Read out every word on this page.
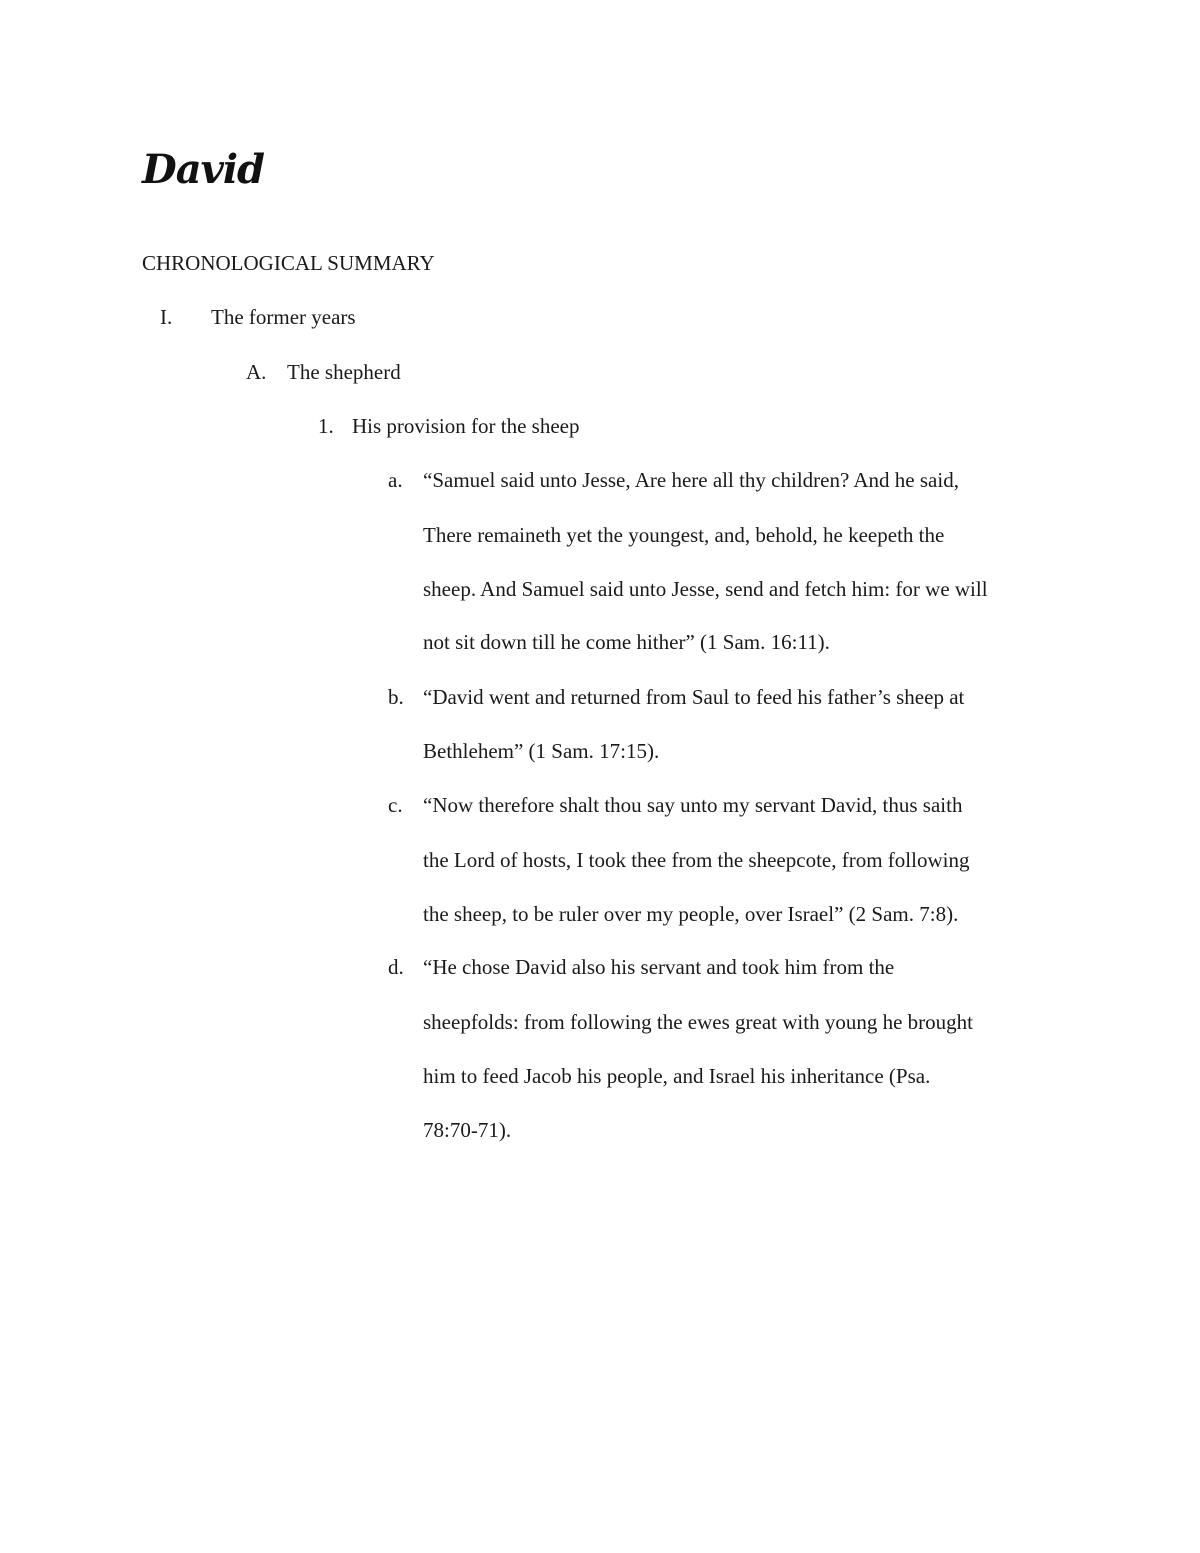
David
CHRONOLOGICAL SUMMARY
I. The former years
A. The shepherd
1. His provision for the sheep
a. “Samuel said unto Jesse, Are here all thy children? And he said,
There remaineth yet the youngest, and, behold, he keepeth the
sheep. And Samuel said unto Jesse, send and fetch him: for we will
not sit down till he come hither” (1 Sam. 16:11).
b. “David went and returned from Saul to feed his father’s sheep at
Bethlehem” (1 Sam. 17:15).
c. “Now therefore shalt thou say unto my servant David, thus saith
the Lord of hosts, I took thee from the sheepcote, from following
the sheep, to be ruler over my people, over Israel” (2 Sam. 7:8).
d. “He chose David also his servant and took him from the
sheepfolds: from following the ewes great with young he brought
him to feed Jacob his people, and Israel his inheritance (Psa.
78:70-71).
